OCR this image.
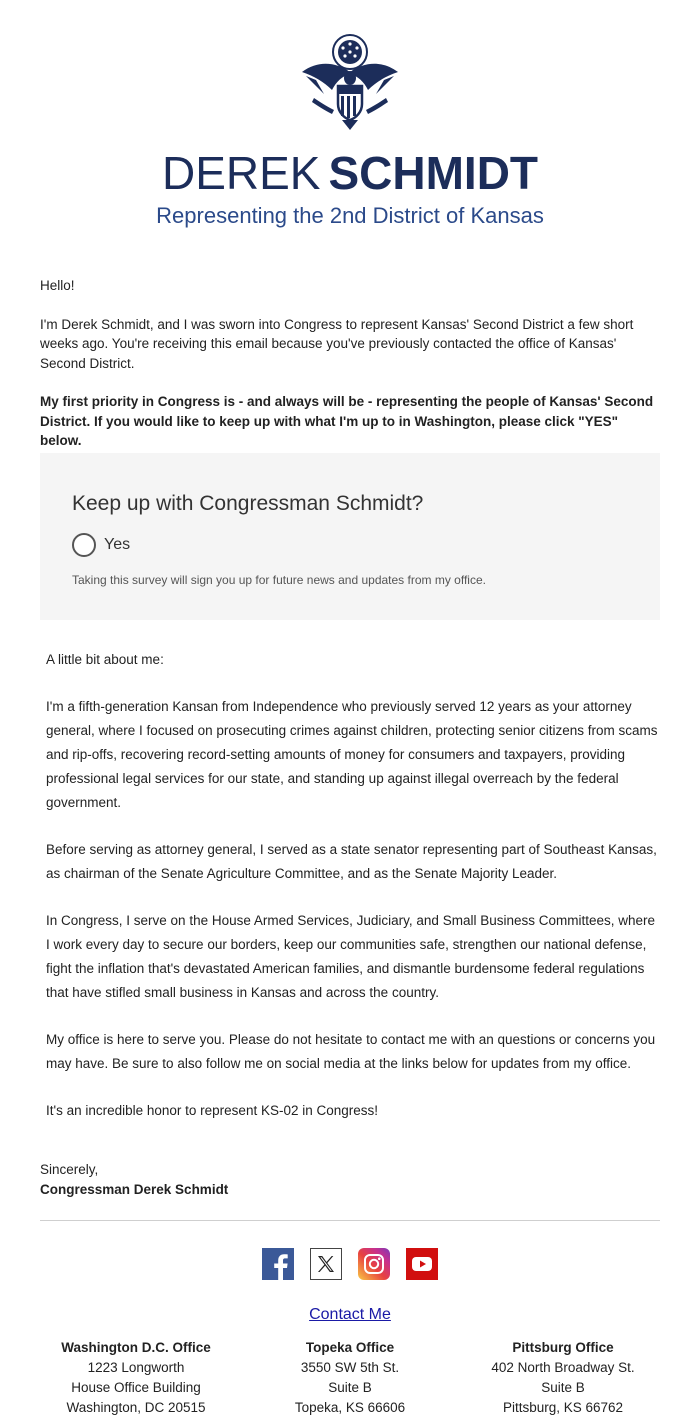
DEREK SCHMIDT
Representing the 2nd District of Kansas

Hello!

I'm Derek Schmidt, and I was sworn into Congress to represent Kansas' Second District a few short weeks ago. You're receiving this email because you've previously contacted the office of Kansas' Second District.

My first priority in Congress is - and always will be - representing the people of Kansas' Second District. If you would like to keep up with what I'm up to in Washington, please click "YES" below.

Keep up with Congressman Schmidt?
Yes
Taking this survey will sign you up for future news and updates from my office.

A little bit about me:

I'm a fifth-generation Kansan from Independence who previously served 12 years as your attorney general, where I focused on prosecuting crimes against children, protecting senior citizens from scams and rip-offs, recovering record-setting amounts of money for consumers and taxpayers, providing professional legal services for our state, and standing up against illegal overreach by the federal government.

Before serving as attorney general, I served as a state senator representing part of Southeast Kansas, as chairman of the Senate Agriculture Committee, and as the Senate Majority Leader.

In Congress, I serve on the House Armed Services, Judiciary, and Small Business Committees, where I work every day to secure our borders, keep our communities safe, strengthen our national defense, fight the inflation that's devastated American families, and dismantle burdensome federal regulations that have stifled small business in Kansas and across the country.

My office is here to serve you. Please do not hesitate to contact me with an questions or concerns you may have. Be sure to also follow me on social media at the links below for updates from my office.

It's an incredible honor to represent KS-02 in Congress!

Sincerely,
Congressman Derek Schmidt
Contact Me
Washington D.C. Office
1223 Longworth
House Office Building
Washington, DC 20515
Topeka Office
3550 SW 5th St.
Suite B
Topeka, KS 66606
Pittsburg Office
402 North Broadway St.
Suite B
Pittsburg, KS 66762
